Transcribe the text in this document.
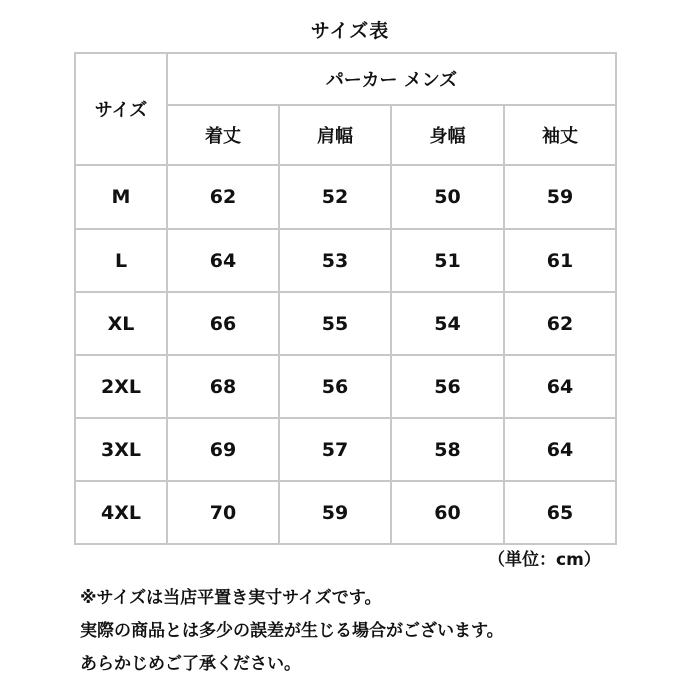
サイズ表
サイズ	パーカー メンズ			
	着丈	肩幅	身幅	袖丈
M	62	52	50	59
L	64	53	51	61
XL	66	55	54	62
2XL	68	56	56	64
3XL	69	57	58	64
4XL	70	59	60	65
（単位：cm）
※サイズは当店平置き実寸サイズです。
実際の商品とは多少の誤差が生じる場合がございます。
あらかじめご了承ください。
